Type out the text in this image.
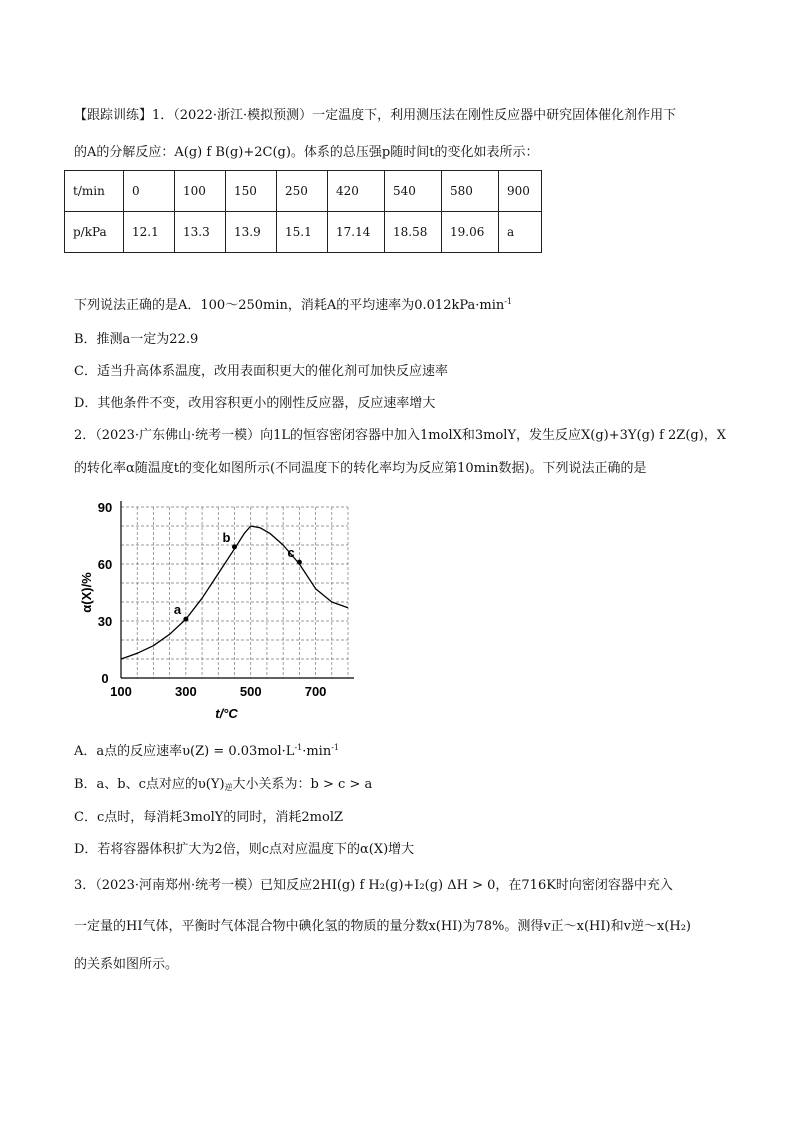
【跟踪训练】1．（2022·浙江·模拟预测）一定温度下，利用测压法在刚性反应器中研究固体催化剂作用下
的A的分解反应：A(g) f B(g)+2C(g)。体系的总压强p随时间t的变化如表所示：
t/min	0	100	150	250	420	540	580	900
p/kPa	12.1	13.3	13.9	15.1	17.14	18.58	19.06	a
下列说法正确的是A．100～250min，消耗A的平均速率为$0.012kPa\cdot\min^{-1}$
B．推测a一定为22.9
C．适当升高体系温度，改用表面积更大的催化剂可加快反应速率
D．其他条件不变，改用容积更小的刚性反应器，反应速率增大
2．（2023·广东佛山·统考一模）向1L的恒容密闭容器中加入1molX和3molY，发生反应X(g)+3Y(g) f 2Z(g)，X
的转化率α随温度t的变化如图所示(不同温度下的转化率均为反应第10min数据)。下列说法正确的是
100	300	500	700
0
30
60
90
t/°C
α(X)/%	a
b
c
A．a点的反应速率$\upsilon(Z) = 0.03mol\cdot L^{-1}\cdot\min^{-1}$
B．a、b、c点对应的$\upsilon(Y)_逆$大小关系为：b > c > a
C．c点时，每消耗3molY的同时，消耗2molZ
D．若将容器体积扩大为2倍，则c点对应温度下的α(X)增大
3．（2023·河南郑州·统考一模）已知反应2HI(g) f H₂(g)+I₂(g) ΔH > 0，在716K时向密闭容器中充入
一定量的HI气体，平衡时气体混合物中碘化氢的物质的量分数x(HI)为78%。测得v正～x(HI)和v逆～x(H₂)
的关系如图所示。
